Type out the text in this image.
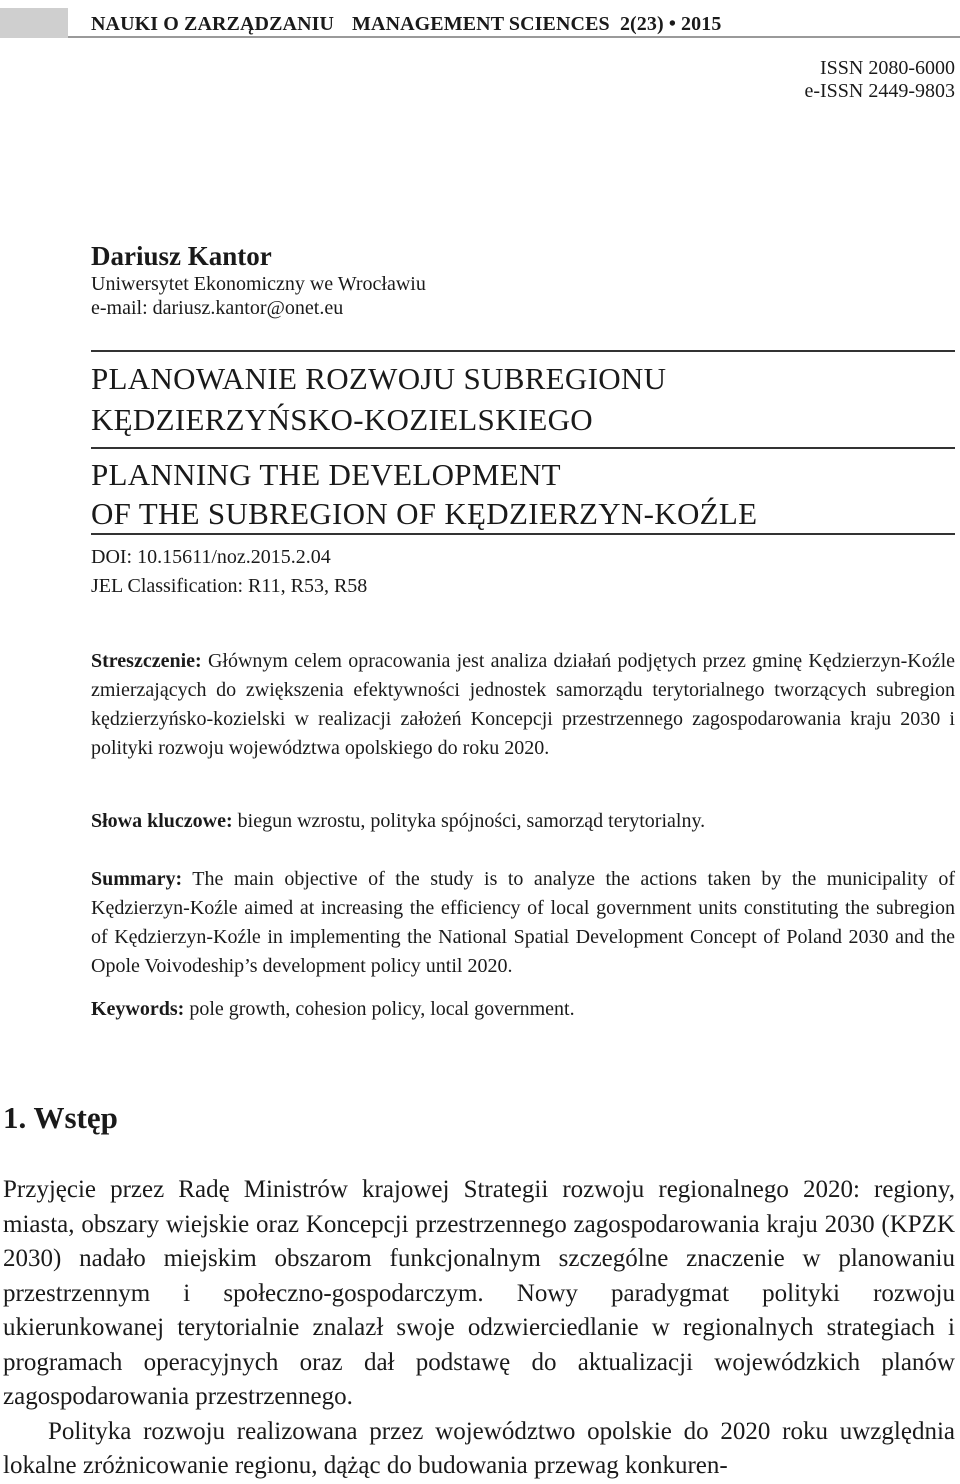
NAUKI O ZARZĄDZANIU MANAGEMENT SCIENCES 2(23) • 2015
ISSN 2080-6000
e-ISSN 2449-9803
Dariusz Kantor
Uniwersytet Ekonomiczny we Wrocławiu
e-mail: dariusz.kantor@onet.eu
PLANOWANIE ROZWOJU SUBREGIONU
KĘDZIERZYŃSKO-KOZIELSKIEGO
PLANNING THE DEVELOPMENT
OF THE SUBREGION OF KĘDZIERZYN-KOŹLE
DOI: 10.15611/noz.2015.2.04
JEL Classification: R11, R53, R58
Streszczenie: Głównym celem opracowania jest analiza działań podjętych przez gminę Kędzierzyn-Koźle zmierzających do zwiększenia efektywności jednostek samorządu terytorialnego tworzących subregion kędzierzyńsko-kozielski w realizacji założeń Koncepcji przestrzennego zagospodarowania kraju 2030 i polityki rozwoju województwa opolskiego do roku 2020.
Słowa kluczowe: biegun wzrostu, polityka spójności, samorząd terytorialny.
Summary: The main objective of the study is to analyze the actions taken by the municipality of Kędzierzyn-Koźle aimed at increasing the efficiency of local government units constituting the subregion of Kędzierzyn-Koźle in implementing the National Spatial Development Concept of Poland 2030 and the Opole Voivodeship’s development policy until 2020.
Keywords: pole growth, cohesion policy, local government.
1. Wstęp

Przyjęcie przez Radę Ministrów krajowej Strategii rozwoju regionalnego 2020: regiony, miasta, obszary wiejskie oraz Koncepcji przestrzennego zagospodarowania kraju 2030 (KPZK 2030) nadało miejskim obszarom funkcjonalnym szczególne znaczenie w planowaniu przestrzennym i społeczno-gospodarczym. Nowy paradygmat polityki rozwoju ukierunkowanej terytorialnie znalazł swoje odzwierciedlanie w regionalnych strategiach i programach operacyjnych oraz dał podstawę do aktualizacji wojewódzkich planów zagospodarowania przestrzennego.

Polityka rozwoju realizowana przez województwo opolskie do 2020 roku uwzględnia lokalne zróżnicowanie regionu, dążąc do budowania przewag konkuren-
